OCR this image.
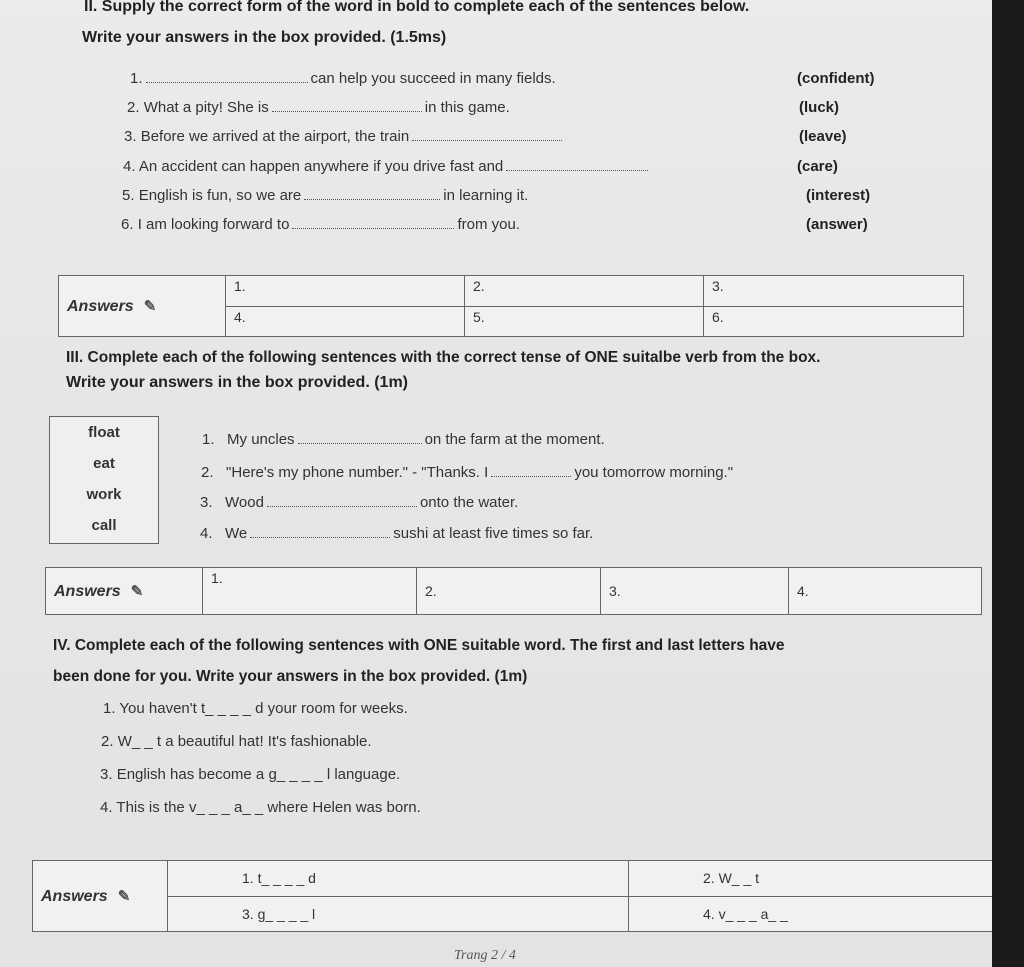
II. Supply the correct form of the word in bold to complete each of the sentences below.
Write your answers in the box provided. (1.5ms)
1.	can help you succeed in many fields.	(confident)
2. What a pity! She is	in this game.	(luck)
3. Before we arrived at the airport, the train	(leave)
4. An accident can happen anywhere if you drive fast and	(care)
5. English is fun, so we are	in learning it.	(interest)
6. I am looking forward to	from you.	(answer)
Answers ✎	1.	2.	3.
	4.	5.	6.
III. Complete each of the following sentences with the correct tense of ONE suitalbe verb from the box.
Write your answers in the box provided. (1m)
float
eat
work
call
1. My uncles	on the farm at the moment.
2. "Here's my phone number." - "Thanks. I	you tomorrow morning."
3. Wood	onto the water.
4. We	sushi at least five times so far.
Answers ✎	1.	2.	3.	4.
IV. Complete each of the following sentences with ONE suitable word. The first and last letters have
been done for you. Write your answers in the box provided. (1m)
1. You haven't t_ _ _ _ d your room for weeks.
2. W_ _ t a beautiful hat! It's fashionable.
3. English has become a g_ _ _ _ l language.
4. This is the v_ _ _ a_ _ where Helen was born.
Answers ✎	1. t_ _ _ _ d	2. W_ _ t
	3. g_ _ _ _ l	4. v_ _ _ a_ _
Trang 2 / 4
